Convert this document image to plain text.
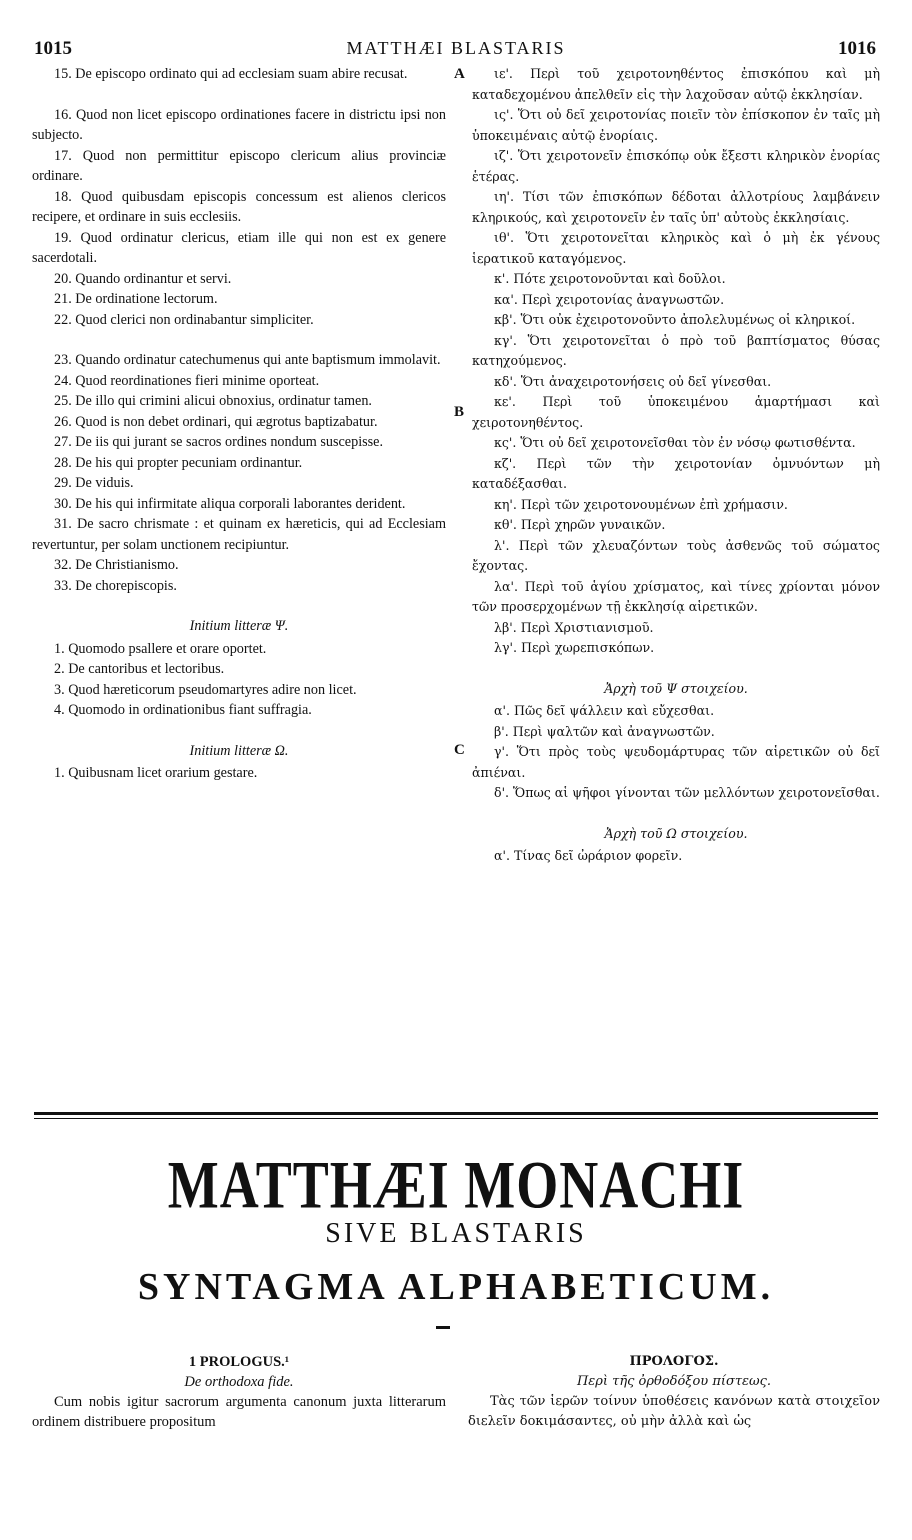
1015	MATTHÆI BLASTARIS	1016
A
B
C

15. De episcopo ordinato qui ad ecclesiam suam abire recusat.

16. Quod non licet episcopo ordinationes facere in districtu ipsi non subjecto.

17. Quod non permittitur episcopo clericum alius provinciæ ordinare.

18. Quod quibusdam episcopis concessum est alienos clericos recipere, et ordinare in suis ecclesiis.

19. Quod ordinatur clericus, etiam ille qui non est ex genere sacerdotali.

20. Quando ordinantur et servi.

21. De ordinatione lectorum.

22. Quod clerici non ordinabantur simpliciter.

23. Quando ordinatur catechumenus qui ante baptismum immolavit.

24. Quod reordinationes fieri minime oporteat.

25. De illo qui crimini alicui obnoxius, ordinatur tamen.

26. Quod is non debet ordinari, qui ægrotus baptizabatur.

27. De iis qui jurant se sacros ordines nondum suscepisse.

28. De his qui propter pecuniam ordinantur.

29. De viduis.

30. De his qui infirmitate aliqua corporali laborantes derident.

31. De sacro chrismate : et quinam ex hæreticis, qui ad Ecclesiam revertuntur, per solam unctionem recipiuntur.

32. De Christianismo.

33. De chorepiscopis.

Initium litteræ Ψ.

1. Quomodo psallere et orare oportet.

2. De cantoribus et lectoribus.

3. Quod hæreticorum pseudomartyres adire non licet.

4. Quomodo in ordinationibus fiant suffragia.

Initium litteræ Ω.

1. Quibusnam licet orarium gestare.

ιε'. Περὶ τοῦ χειροτονηθέντος ἐπισκόπου καὶ μὴ καταδεχομένου ἀπελθεῖν εἰς τὴν λαχοῦσαν αὐτῷ ἐκκλησίαν.

ις'. Ὅτι οὐ δεῖ χειροτονίας ποιεῖν τὸν ἐπίσκοπον ἐν ταῖς μὴ ὑποκειμέναις αὐτῷ ἐνορίαις.

ιζ'. Ὅτι χειροτονεῖν ἐπισκόπῳ οὐκ ἔξεστι κληρικὸν ἐνορίας ἑτέρας.

ιη'. Τίσι τῶν ἐπισκόπων δέδοται ἀλλοτρίους λαμβάνειν κληρικούς, καὶ χειροτονεῖν ἐν ταῖς ὑπ' αὐτοὺς ἐκκλησίαις.

ιθ'. Ὅτι χειροτονεῖται κληρικὸς καὶ ὁ μὴ ἐκ γένους ἱερατικοῦ καταγόμενος.

κ'. Πότε χειροτονοῦνται καὶ δοῦλοι.

κα'. Περὶ χειροτονίας ἀναγνωστῶν.

κβ'. Ὅτι οὐκ ἐχειροτονοῦντο ἀπολελυμένως οἱ κληρικοί.

κγ'. Ὅτι χειροτονεῖται ὁ πρὸ τοῦ βαπτίσματος θύσας κατηχούμενος.

κδ'. Ὅτι ἀναχειροτονήσεις οὐ δεῖ γίνεσθαι.

κε'. Περὶ τοῦ ὑποκειμένου ἁμαρτήμασι καὶ χειροτονηθέντος.

κς'. Ὅτι οὐ δεῖ χειροτονεῖσθαι τὸν ἐν νόσῳ φωτισθέντα.

κζ'. Περὶ τῶν τὴν χειροτονίαν ὀμνυόντων μὴ καταδέξασθαι.

κη'. Περὶ τῶν χειροτονουμένων ἐπὶ χρήμασιν.

κθ'. Περὶ χηρῶν γυναικῶν.

λ'. Περὶ τῶν χλευαζόντων τοὺς ἀσθενῶς τοῦ σώματος ἔχοντας.

λα'. Περὶ τοῦ ἁγίου χρίσματος, καὶ τίνες χρίονται μόνον τῶν προσερχομένων τῇ ἐκκλησίᾳ αἱρετικῶν.

λβ'. Περὶ Χριστιανισμοῦ.

λγ'. Περὶ χωρεπισκόπων.

Ἀρχὴ τοῦ Ψ στοιχείου.

α'. Πῶς δεῖ ψάλλειν καὶ εὔχεσθαι.

β'. Περὶ ψαλτῶν καὶ ἀναγνωστῶν.

γ'. Ὅτι πρὸς τοὺς ψευδομάρτυρας τῶν αἱρετικῶν οὐ δεῖ ἀπιέναι.

δ'. Ὅπως αἱ ψῆφοι γίνονται τῶν μελλόντων χειροτονεῖσθαι.

Ἀρχὴ τοῦ Ω στοιχείου.

α'. Τίνας δεῖ ὠράριον φορεῖν.

MATTHÆI MONACHI
SIVE BLASTARIS
SYNTAGMA ALPHABETICUM.
1 PROLOGUS.¹
De orthodoxa fide.

Cum nobis igitur sacrorum argumenta canonum juxta litterarum ordinem distribuere propositum

ΠΡΟΛΟΓΟΣ.
Περὶ τῆς ὀρθοδόξου πίστεως.

Τὰς τῶν ἱερῶν τοίνυν ὑποθέσεις κανόνων κατὰ στοιχεῖον διελεῖν δοκιμάσαντες, οὐ μὴν ἀλλὰ καὶ ὡς
